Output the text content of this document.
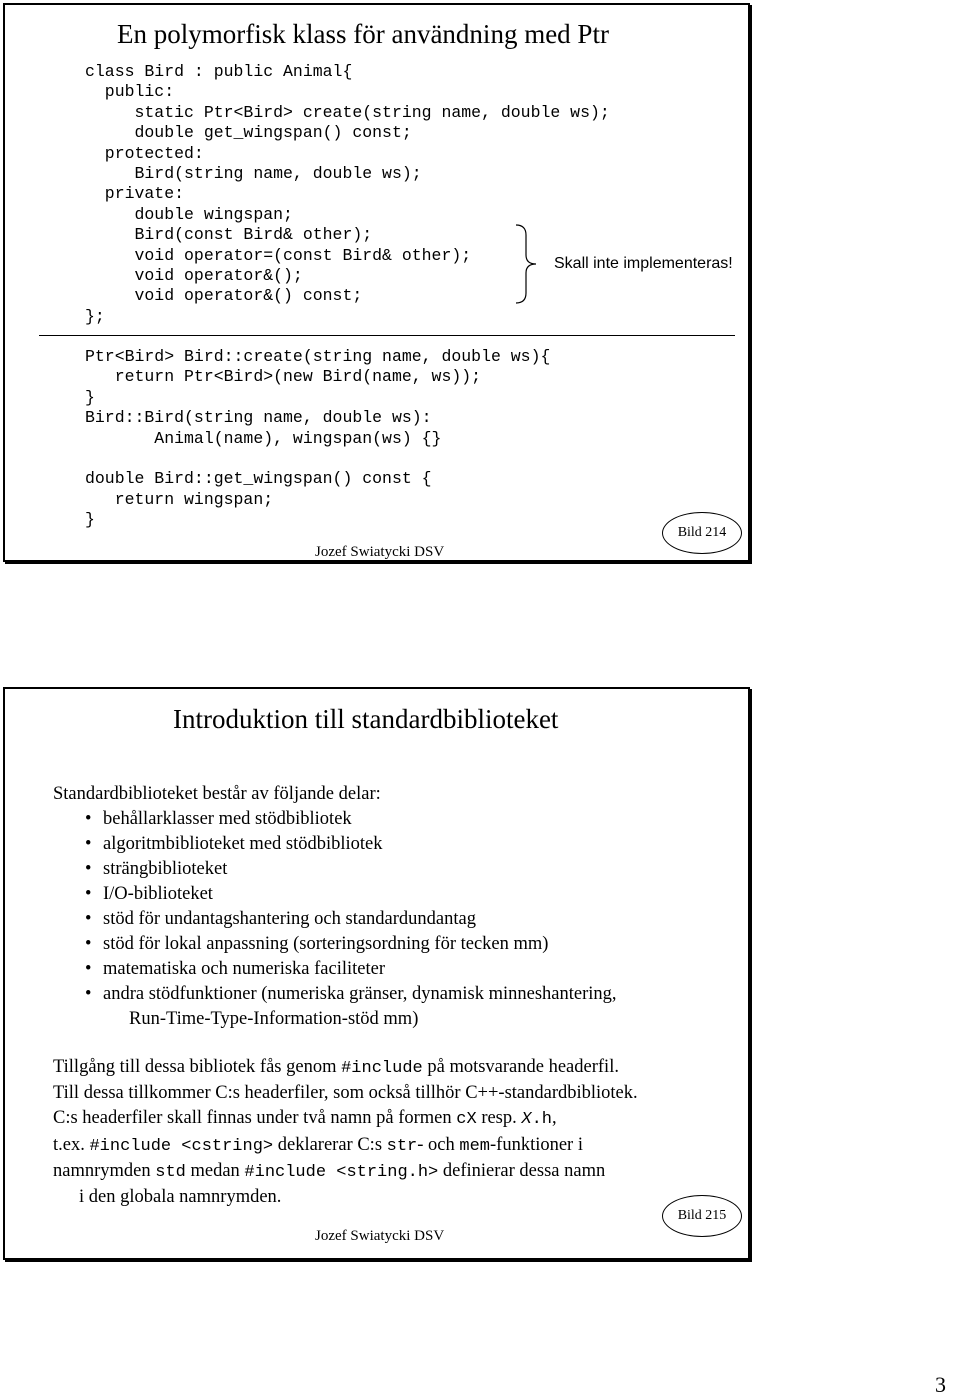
En polymorfisk klass för användning med Ptr
class Bird : public Animal{
public:
static Ptr<Bird> create(string name, double ws);
double get_wingspan() const;
protected:
Bird(string name, double ws);
private:
double wingspan;
Bird(const Bird& other);
void operator=(const Bird& other);
void operator&();
void operator&() const;
};
Skall inte implementeras!
Ptr<Bird> Bird::create(string name, double ws){
return Ptr<Bird>(new Bird(name, ws));
}
Bird::Bird(string name, double ws):
Animal(name), wingspan(ws) {}

double Bird::get_wingspan() const {
return wingspan;
}
Jozef Swiatycki DSV
Bild 214
Introduktion till standardbiblioteket
Standardbiblioteket består av följande delar:
• behållarklasser med stödbibliotek
• algoritmbiblioteket med stödbibliotek
• strängbiblioteket
• I/O-biblioteket
• stöd för undantagshantering och standardundantag
• stöd för lokal anpassning (sorteringsordning för tecken mm)
• matematiska och numeriska faciliteter
• andra stödfunktioner (numeriska gränser, dynamisk minneshantering,
Run-Time-Type-Information-stöd mm)
Tillgång till dessa bibliotek fås genom #include på motsvarande headerfil.
Till dessa tillkommer C:s headerfiler, som också tillhör C++-standardbibliotek.
C:s headerfiler skall finnas under två namn på formen cX resp. X.h,
t.ex. #include <cstring> deklarerar C:s str- och mem-funktioner i
namnrymden std medan #include <string.h> definierar dessa namn
i den globala namnrymden.
Jozef Swiatycki DSV
Bild 215
3
